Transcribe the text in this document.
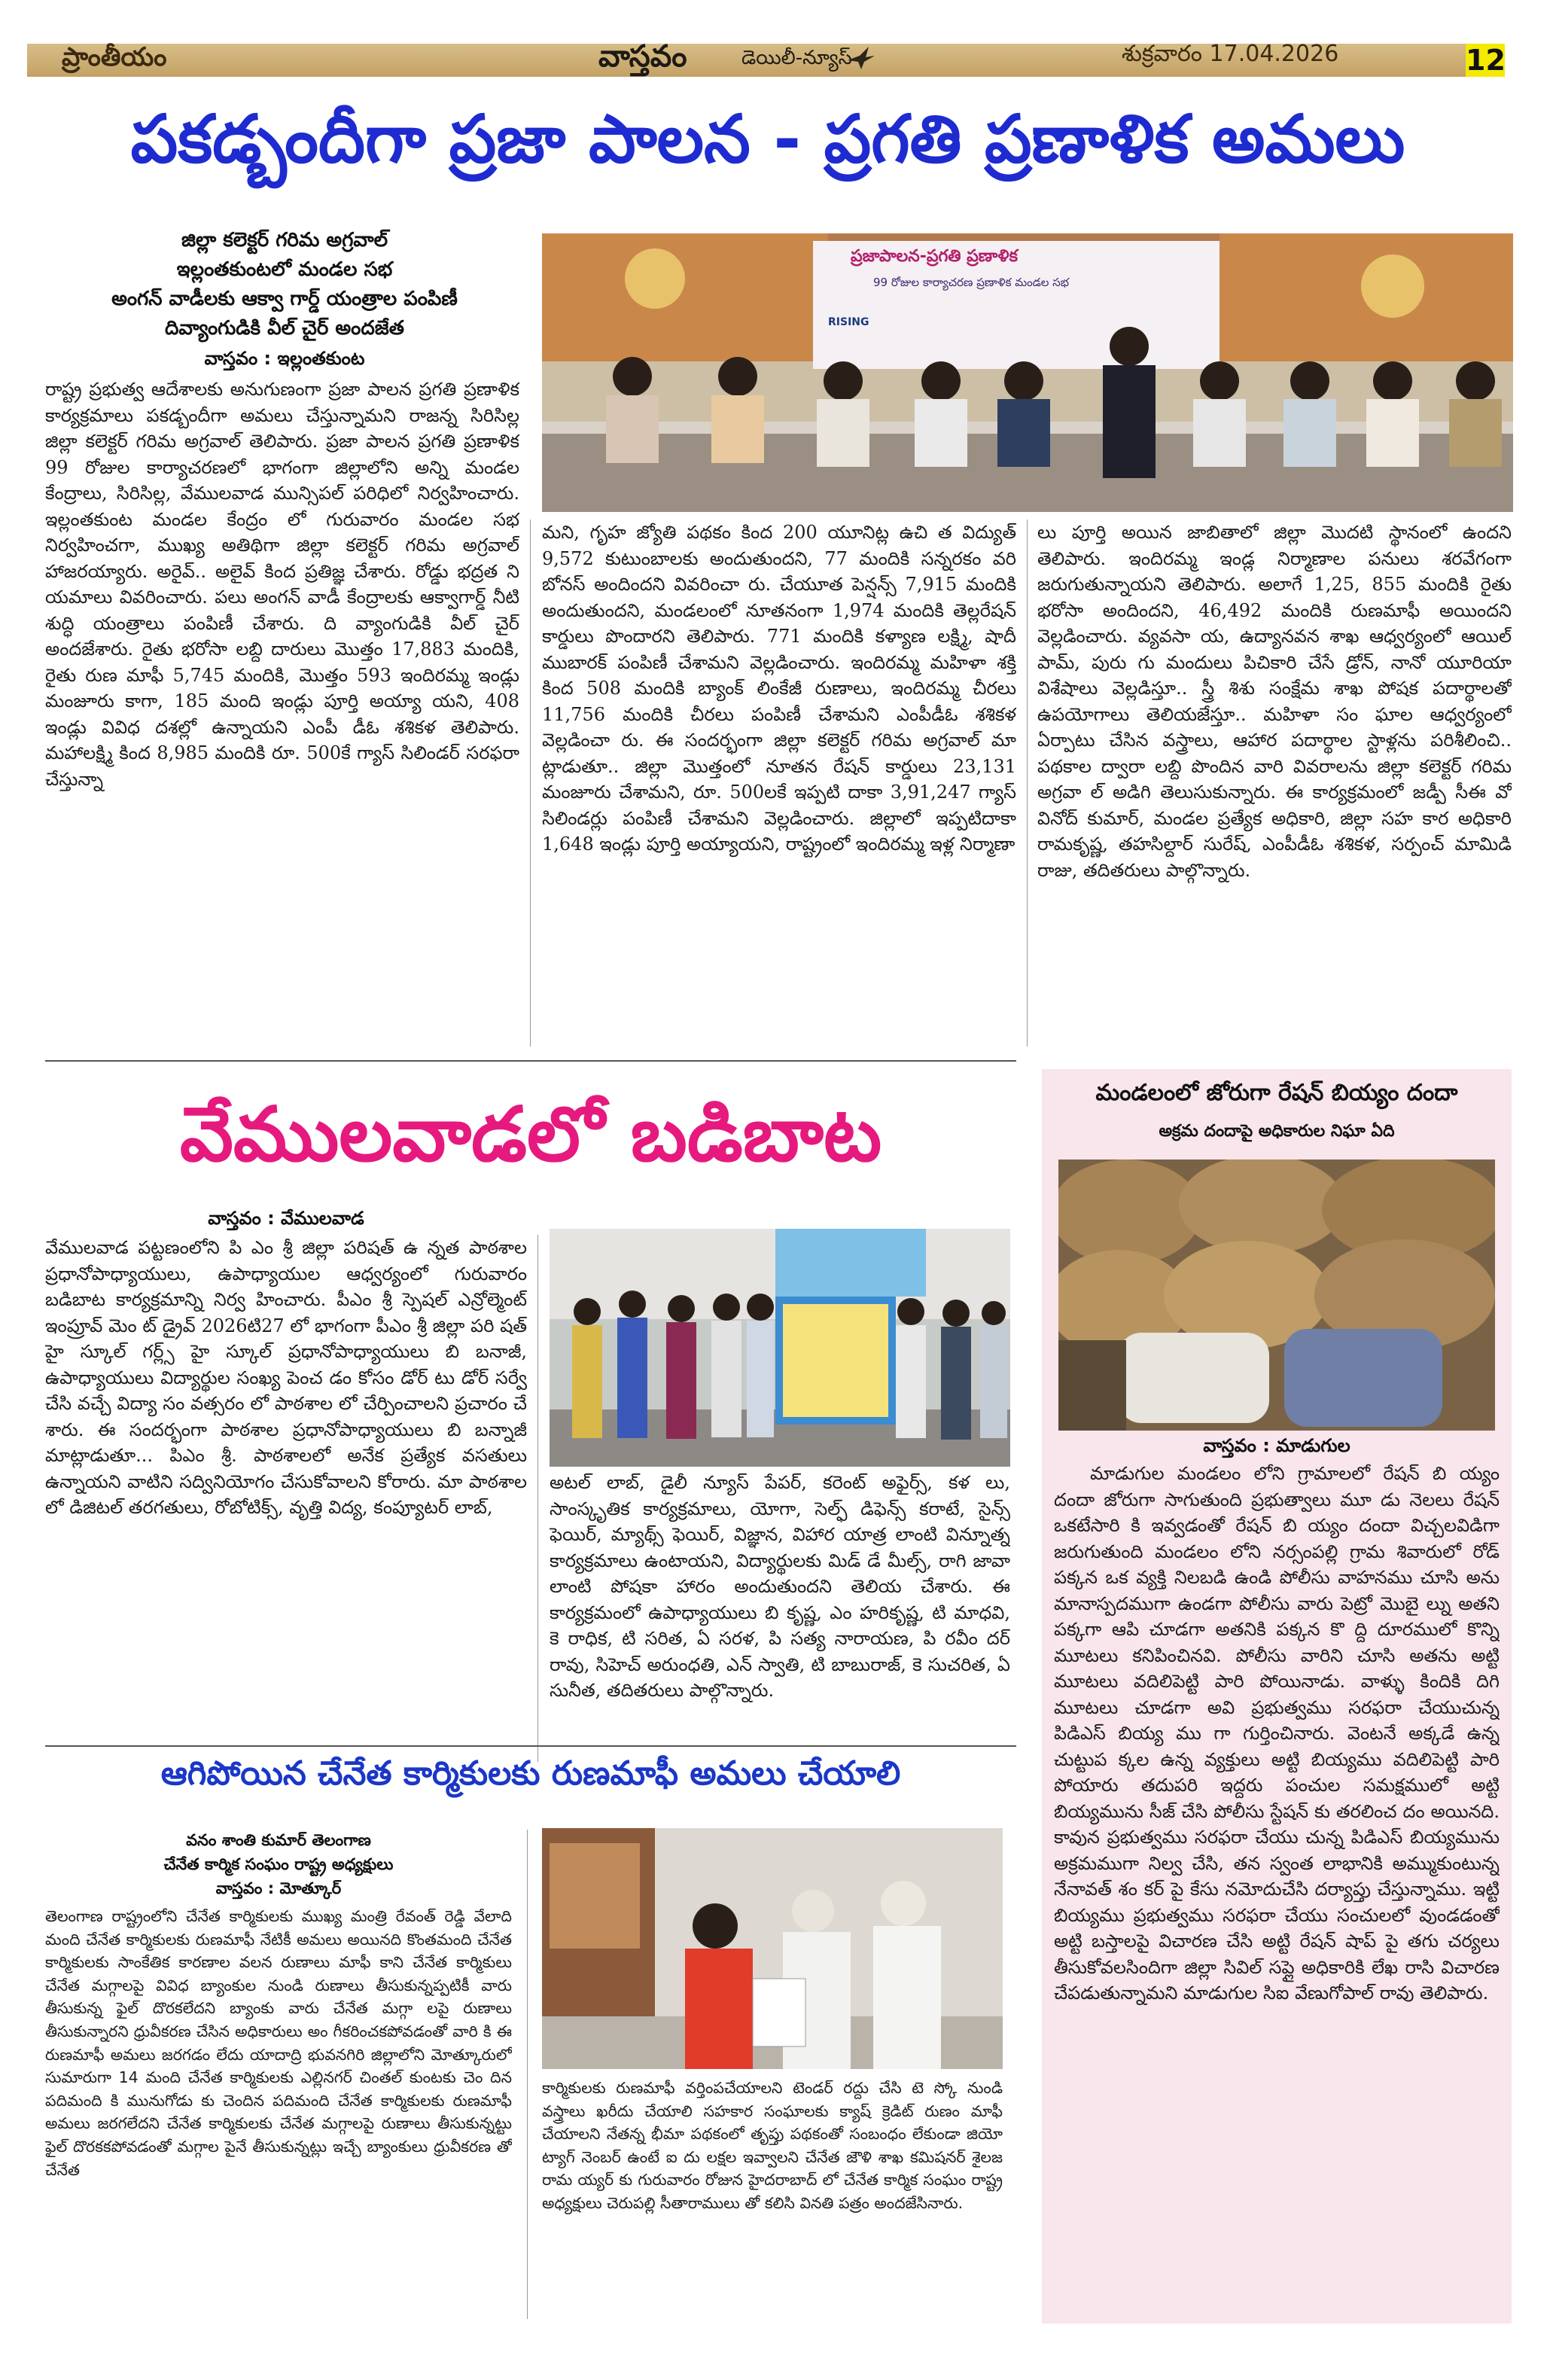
ప్రాంతీయం	వాస్తవం	డెయిలీ-న్యూస్	శుక్రవారం 17.04.2026	12
పకడ్బందీగా ప్రజా పాలన - ప్రగతి ప్రణాళిక అమలు
జిల్లా కలెక్టర్ గరిమ అగ్రవాల్
ఇల్లంతకుంటలో మండల సభ
అంగన్ వాడీలకు ఆక్వా గార్డ్ యంత్రాల పంపిణీ
దివ్యాంగుడికి వీల్ చైర్ అందజేత
వాస్తవం : ఇల్లంతకుంట

రాష్ట్ర ప్రభుత్వ ఆదేశాలకు అనుగుణంగా ప్రజా పాలన ప్రగతి ప్రణాళిక కార్యక్రమాలు పకడ్బందీగా అమలు చేస్తున్నామని రాజన్న సిరిసిల్ల జిల్లా కలెక్టర్ గరిమ అగ్రవాల్ తెలిపారు. ప్రజా పాలన ప్రగతి ప్రణాళిక 99 రోజుల కార్యాచరణలో భాగంగా జిల్లాలోని అన్ని మండల కేంద్రాలు, సిరిసిల్ల, వేములవాడ మున్సిపల్ పరిధిలో నిర్వహించారు. ఇల్లంతకుంట మండల కేంద్రం లో గురువారం మండల సభ నిర్వహించగా, ముఖ్య అతిథిగా జిల్లా కలెక్టర్ గరిమ అగ్రవాల్ హాజరయ్యారు. అరైవ్.. అలైవ్ కింద ప్రతిజ్ఞ చేశారు. రోడ్డు భద్రత ని యమాలు వివరించారు. పలు అంగన్ వాడీ కేంద్రాలకు ఆక్వాగార్డ్ నీటి శుద్ధి యంత్రాలు పంపిణీ చేశారు. ది వ్యాంగుడికి వీల్ చైర్ అందజేశారు. రైతు భరోసా లబ్ది దారులు మొత్తం 17,883 మందికి, రైతు రుణ మాఫీ 5,745 మందికి, మొత్తం 593 ఇందిరమ్మ ఇండ్లు మంజూరు కాగా, 185 మంది ఇండ్లు పూర్తి అయ్యా యని, 408 ఇండ్లు వివిధ దశల్లో ఉన్నాయని ఎంపీ డీఓ శశికళ తెలిపారు. మహాలక్ష్మి కింద 8,985 మందికి రూ. 500కే గ్యాస్ సిలిండర్ సరఫరా చేస్తున్నా

ప్రజాపాలన-ప్రగతి ప్రణాళిక
99 రోజుల కార్యాచరణ ప్రణాళిక మండల సభ
RISING

మని, గృహ జ్యోతి పథకం కింద 200 యూనిట్ల ఉచి త విద్యుత్ 9,572 కుటుంబాలకు అందుతుందని, 77 మందికి సన్నరకం వరి బోనస్ అందిందని వివరించా రు. చేయూత పెన్షన్స్ 7,915 మందికి అందుతుందని, మండలంలో నూతనంగా 1,974 మందికి తెల్లరేషన్ కార్డులు పొందారని తెలిపారు. 771 మందికి కళ్యాణ లక్ష్మి, షాదీ ముబారక్ పంపిణీ చేశామని వెల్లడించారు. ఇందిరమ్మ మహిళా శక్తి కింద 508 మందికి బ్యాంక్ లింకేజీ రుణాలు, ఇందిరమ్మ చీరలు 11,756 మందికి చీరలు పంపిణీ చేశామని ఎంపీడీఓ శశికళ వెల్లడించా రు. ఈ సందర్భంగా జిల్లా కలెక్టర్ గరిమ అగ్రవాల్ మా ట్లాడుతూ.. జిల్లా మొత్తంలో నూతన రేషన్ కార్డులు 23,131 మంజూరు చేశామని, రూ. 500లకే ఇప్పటి దాకా 3,91,247 గ్యాస్ సిలిండర్లు పంపిణీ చేశామని వెల్లడించారు. జిల్లాలో ఇప్పటిదాకా 1,648 ఇండ్లు పూర్తి అయ్యాయని, రాష్ట్రంలో ఇందిరమ్మ ఇళ్ల నిర్మాణా

లు పూర్తి అయిన జాబితాలో జిల్లా మొదటి స్థానంలో ఉందని తెలిపారు. ఇందిరమ్మ ఇండ్ల నిర్మాణాల పనులు శరవేగంగా జరుగుతున్నాయని తెలిపారు. అలాగే 1,25, 855 మందికి రైతు భరోసా అందిందని, 46,492 మందికి రుణమాఫీ అయిందని వెల్లడించారు. వ్యవసా య, ఉద్యానవన శాఖ ఆధ్వర్యంలో ఆయిల్ పామ్, పురు గు మందులు పిచికారి చేసే డ్రోన్, నానో యూరియా విశేషాలు వెల్లడిస్తూ.. స్త్రీ శిశు సంక్షేమ శాఖ పోషక పదార్థాలతో ఉపయోగాలు తెలియజేస్తూ.. మహిళా సం ఘాల ఆధ్వర్యంలో ఏర్పాటు చేసిన వస్త్రాలు, ఆహార పదార్థాల స్టాళ్లను పరిశీలించి.. పథకాల ద్వారా లబ్ది పొందిన వారి వివరాలను జిల్లా కలెక్టర్ గరిమ అగ్రవా ల్ అడిగి తెలుసుకున్నారు. ఈ కార్యక్రమంలో జడ్పీ సీఈ వో వినోద్ కుమార్, మండల ప్రత్యేక అధికారి, జిల్లా సహ కార అధికారి రామకృష్ణ, తహసిల్దార్ సురేష్, ఎంపీడీఓ శశికళ, సర్పంచ్ మామిడి రాజు, తదితరులు పాల్గొన్నారు.

వేములవాడలో బడిబాట
వాస్తవం : వేములవాడ

వేములవాడ పట్టణంలోని పి ఎం శ్రీ జిల్లా పరిషత్ ఉ న్నత పాఠశాల ప్రధానోపాధ్యాయులు, ఉపాధ్యాయుల ఆధ్వర్యంలో గురువారం బడిబాట కార్యక్రమాన్ని నిర్వ హించారు. పీఎం శ్రీ స్పెషల్ ఎన్రోల్మెంట్ ఇంప్రూవ్ మెం ట్ డ్రైవ్ 2026టి27 లో భాగంగా పీఎం శ్రీ జిల్లా పరి షత్ హై స్కూల్ గర్ల్స్ హై స్కూల్ ప్రధానోపాధ్యాయులు బి బనాజీ, ఉపాధ్యాయులు విద్యార్థుల సంఖ్య పెంచ డం కోసం డోర్ టు డోర్ సర్వే చేసి వచ్చే విద్యా సం వత్సరం లో పాఠశాల లో చేర్పించాలని ప్రచారం చే శారు. ఈ సందర్భంగా పాఠశాల ప్రధానోపాధ్యాయులు బి బన్నాజీ మాట్లాడుతూ... పిఎం శ్రీ. పాఠశాలలో అనేక ప్రత్యేక వసతులు ఉన్నాయని వాటిని సద్వినియోగం చేసుకోవాలని కోరారు. మా పాఠశాల లో డిజిటల్ తరగతులు, రోబోటిక్స్, వృత్తి విద్య, కంప్యూటర్ లాబ్,

అటల్ లాబ్, డైలీ న్యూస్ పేపర్, కరెంట్ అఫైర్స్, కళ లు, సాంస్కృతిక కార్యక్రమాలు, యోగా, సెల్ఫ్ డిఫెన్స్ కరాటే, సైన్స్ ఫెయిర్, మ్యాథ్స్ ఫెయిర్, విజ్ఞాన, విహార యాత్ర లాంటి విన్నూత్న కార్యక్రమాలు ఉంటాయని, విద్యార్థులకు మిడ్ డే మీల్స్, రాగి జావా లాంటి పోషకా హారం అందుతుందని తెలియ చేశారు. ఈ కార్యక్రమంలో ఉపాధ్యాయులు బి కృష్ణ, ఎం హరికృష్ణ, టి మాధవి, కె రాధిక, టి సరిత, ఏ సరళ, పి సత్య నారాయణ, పి రవీం దర్ రావు, సిహెచ్ అరుంధతి, ఎన్ స్వాతి, టి బాబురాజ్, కె సుచరిత, ఏ సునీత, తదితరులు పాల్గొన్నారు.

ఆగిపోయిన చేనేత కార్మికులకు రుణమాఫీ అమలు చేయాలి
వనం శాంతి కుమార్ తెలంగాణ
చేనేత కార్మిక సంఘం రాష్ట్ర అధ్యక్షులు
వాస్తవం : మోత్కూర్

తెలంగాణ రాష్ట్రంలోని చేనేత కార్మికులకు ముఖ్య మంత్రి రేవంత్ రెడ్డి వేలాది మంది చేనేత కార్మికులకు రుణమాఫీ నేటికీ అమలు అయినది కొంతమంది చేనేత కార్మికులకు సాంకేతిక కారణాల వలన రుణాలు మాఫీ కాని చేనేత కార్మికులు చేనేత మగ్గాలపై వివిధ బ్యాంకుల నుండి రుణాలు తీసుకున్నప్పటికీ వారు తీసుకున్న ఫైల్ దొరకలేదని బ్యాంకు వారు చేనేత మగ్గా లపై రుణాలు తీసుకున్నారని ధ్రువీకరణ చేసిన అధికారులు అం గీకరించకపోవడంతో వారి కి ఈ రుణమాఫీ అమలు జరగడం లేదు యాదాద్రి భువనగిరి జిల్లాలోని మోత్కూరులో సుమారుగా 14 మంది చేనేత కార్మికులకు ఎల్లినగర్ చింతల్ కుంటకు చెం దిన పదిమంది కి మునుగోడు కు చెందిన పదిమంది చేనేత కార్మికులకు రుణమాఫీ అమలు జరగలేదని చేనేత కార్మికులకు చేనేత మగ్గాలపై రుణాలు తీసుకున్నట్టు ఫైల్ దొరకకపోవడంతో మగ్గాల పైనే తీసుకున్నట్లు ఇచ్చే బ్యాంకులు ధ్రువీకరణ తో చేనేత

కార్మికులకు రుణమాఫీ వర్తింపచేయాలని టెండర్ రద్దు చేసి టె స్కో నుండి వస్త్రాలు ఖరీదు చేయాలి సహకార సంఘాలకు క్యాష్ క్రెడిట్ రుణం మాఫీ చేయాలని నేతన్న భీమా పథకంలో తృప్తు పథకంతో సంబంధం లేకుండా జియో ట్యాగ్ నెంబర్ ఉంటే ఐ దు లక్షల ఇవ్వాలని చేనేత జౌళి శాఖ కమిషనర్ శైలజ రామ య్యర్ కు గురువారం రోజున హైదరాబాద్ లో చేనేత కార్మిక సంఘం రాష్ట్ర అధ్యక్షులు చెరుపల్లి సీతారాములు తో కలిసి వినతి పత్రం అందజేసినారు.

మండలంలో జోరుగా రేషన్ బియ్యం దందా
అక్రమ దందాపై అధికారుల నిఘా ఏది
వాస్తవం : మాడుగుల

మాడుగుల మండలం లోని గ్రామాలలో రేషన్ బి య్యం దందా జోరుగా సాగుతుంది ప్రభుత్వాలు మూ డు నెలలు రేషన్ ఒకటేసారి కి ఇవ్వడంతో రేషన్ బి య్యం దందా విచ్చలవిడిగా జరుగుతుంది మండలం లోని నర్సంపల్లి గ్రామ శివారులో రోడ్ పక్కన ఒక వ్యక్తి నిలబడి ఉండి పోలీసు వాహనము చూసి అను మానాస్పదముగా ఉండగా పోలీసు వారు పెట్రో మొబై ల్ను అతని పక్కగా ఆపి చూడగా అతనికి పక్కన కొ ద్ది దూరములో కొన్ని మూటలు కనిపించినవి. పోలీసు వారిని చూసి అతను అట్టి మూటలు వదిలిపెట్టి పారి పోయినాడు. వాళ్ళు కిందికి దిగి మూటలు చూడగా అవి ప్రభుత్వము సరఫరా చేయుచున్న పిడిఎస్ బియ్య ము గా గుర్తించినారు. వెంటనే అక్కడే ఉన్న చుట్టుప క్కల ఉన్న వ్యక్తులు అట్టి బియ్యము వదిలిపెట్టి పారి పోయారు తదుపరి ఇద్దరు పంచుల సమక్షములో అట్టి బియ్యమును సీజ్ చేసి పోలీసు స్టేషన్ కు తరలించ దం అయినది. కావున ప్రభుత్వము సరఫరా చేయు చున్న పిడిఎస్ బియ్యమును అక్రమముగా నిల్వ చేసి, తన స్వంత లాభానికి అమ్ముకుంటున్న నేనావత్ శం కర్ పై కేసు నమోదుచేసి దర్యాప్తు చేస్తున్నాము. ఇట్టి బియ్యము ప్రభుత్వము సరఫరా చేయు సంచులలో వుండడంతో అట్టి బస్తాలపై విచారణ చేసి అట్టి రేషన్ షాప్ పై తగు చర్యలు తీసుకోవలసిందిగా జిల్లా సివిల్ సప్లై అధికారికి లేఖ రాసి విచారణ చేపడుతున్నామని మాడుగుల సిఐ వేణుగోపాల్ రావు తెలిపారు.
